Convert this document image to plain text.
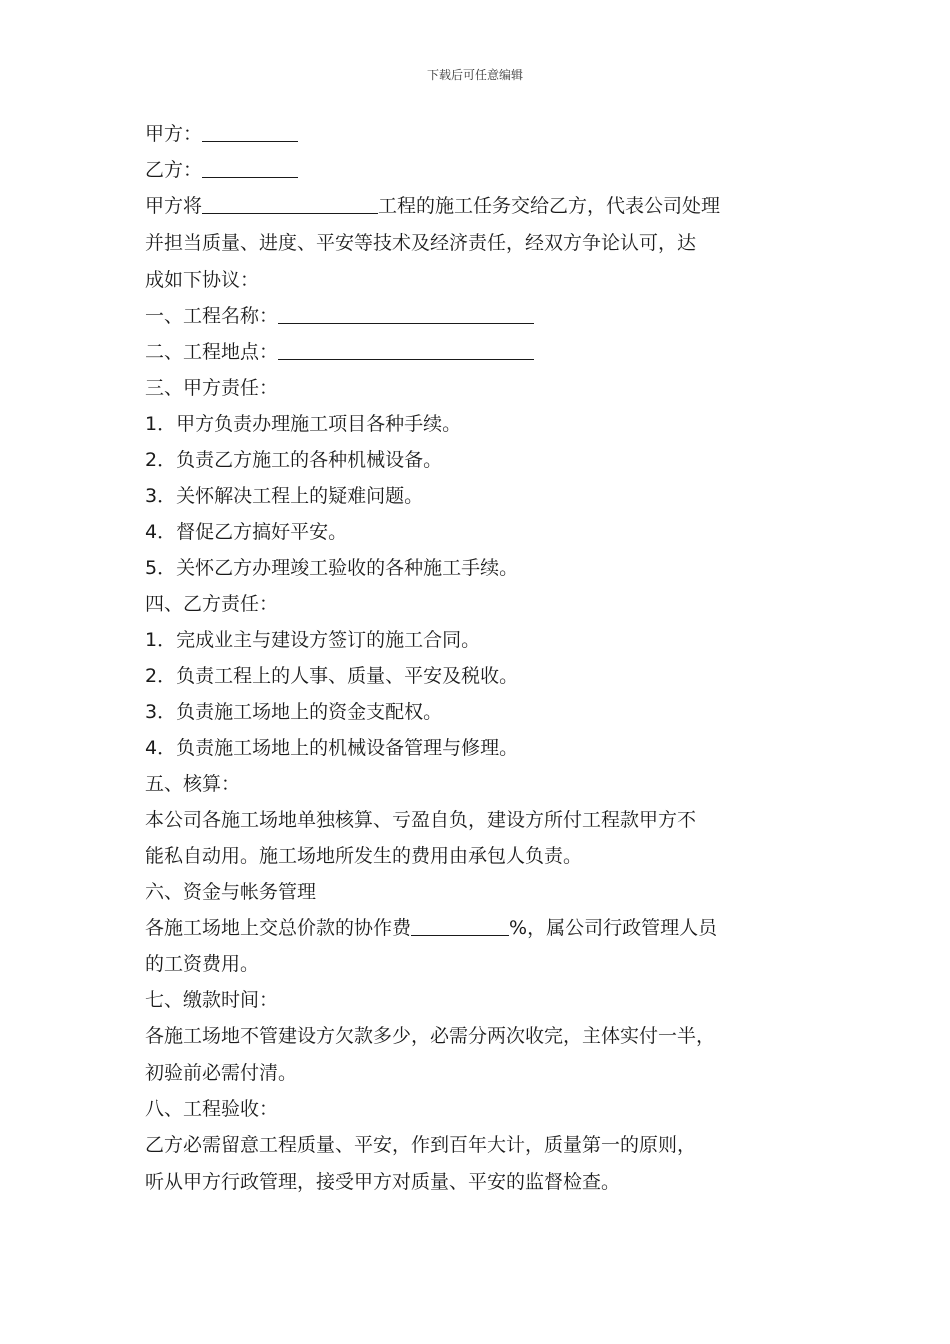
下载后可任意编辑
甲方：
乙方：
甲方将	工程的施工任务交给乙方，代表公司处理
并担当质量、进度、平安等技术及经济责任，经双方争论认可，达
成如下协议：
一、工程名称：
二、工程地点：
三、甲方责任：
1．甲方负责办理施工项目各种手续。
2．负责乙方施工的各种机械设备。
3．关怀解决工程上的疑难问题。
4．督促乙方搞好平安。
5．关怀乙方办理竣工验收的各种施工手续。
四、乙方责任：
1．完成业主与建设方签订的施工合同。
2．负责工程上的人事、质量、平安及税收。
3．负责施工场地上的资金支配权。
4．负责施工场地上的机械设备管理与修理。
五、核算：
本公司各施工场地单独核算、亏盈自负，建设方所付工程款甲方不
能私自动用。施工场地所发生的费用由承包人负责。
六、资金与帐务管理
各施工场地上交总价款的协作费	%，属公司行政管理人员
的工资费用。
七、缴款时间：
各施工场地不管建设方欠款多少，必需分两次收完，主体实付一半，
初验前必需付清。
八、工程验收：
乙方必需留意工程质量、平安，作到百年大计，质量第一的原则，
听从甲方行政管理，接受甲方对质量、平安的监督检查。
